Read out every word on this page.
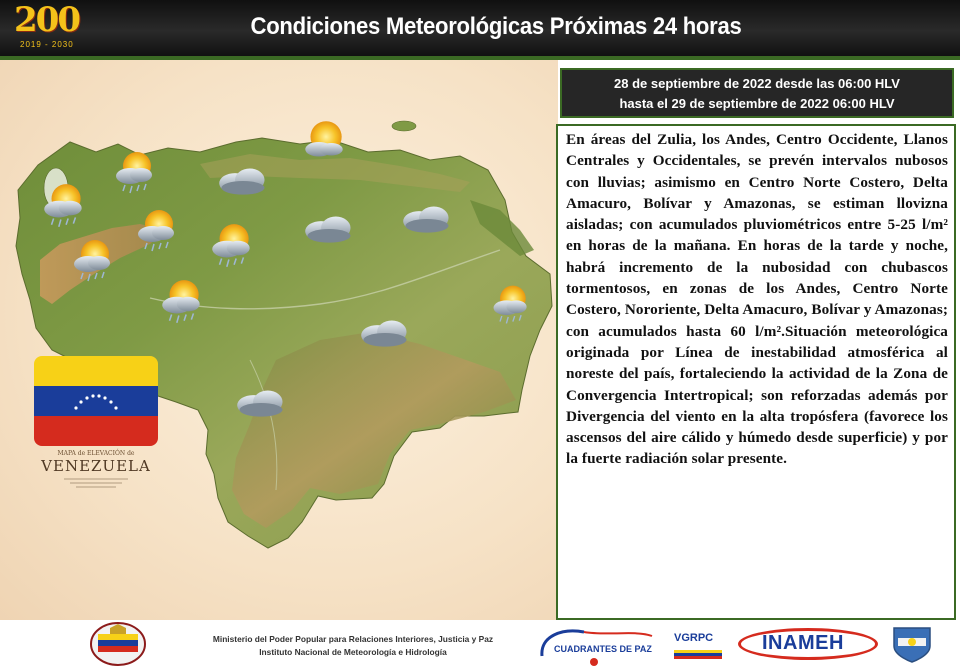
200
2019 - 2030
Condiciones Meteorológicas Próximas 24 horas
MAPA de ELEVACIÓN de
VENEZUELA
28 de septiembre de 2022 desde las 06:00 HLV
hasta el 29 de septiembre de 2022 06:00 HLV

En áreas del Zulia, los Andes, Centro Occidente, Llanos Centrales y Occidentales, se prevén intervalos nubosos con lluvias; asimismo en Centro Norte Costero, Delta Amacuro, Bolívar y Amazonas, se estiman llovizna aisladas; con acumulados pluviométricos entre 5-25 l/m² en horas de la mañana. En horas de la tarde y noche, habrá incremento de la nubosidad con chubascos tormentosos, en zonas de los Andes, Centro Norte Costero, Nororiente, Delta Amacuro, Bolívar y Amazonas; con acumulados hasta 60 l/m².Situación meteorológica originada por Línea de inestabilidad atmosférica al noreste del país, fortaleciendo la actividad de la Zona de Convergencia Intertropical; son reforzadas además por Divergencia del viento en la alta tropósfera (favorece los ascensos del aire cálido y húmedo desde superficie) y por la fuerte radiación solar presente.

Ministerio del Poder Popular para Relaciones Interiores, Justicia y Paz
Instituto Nacional de Meteorología e Hidrología	CUADRANTES DE PAZ
VGRPC INAMEH
